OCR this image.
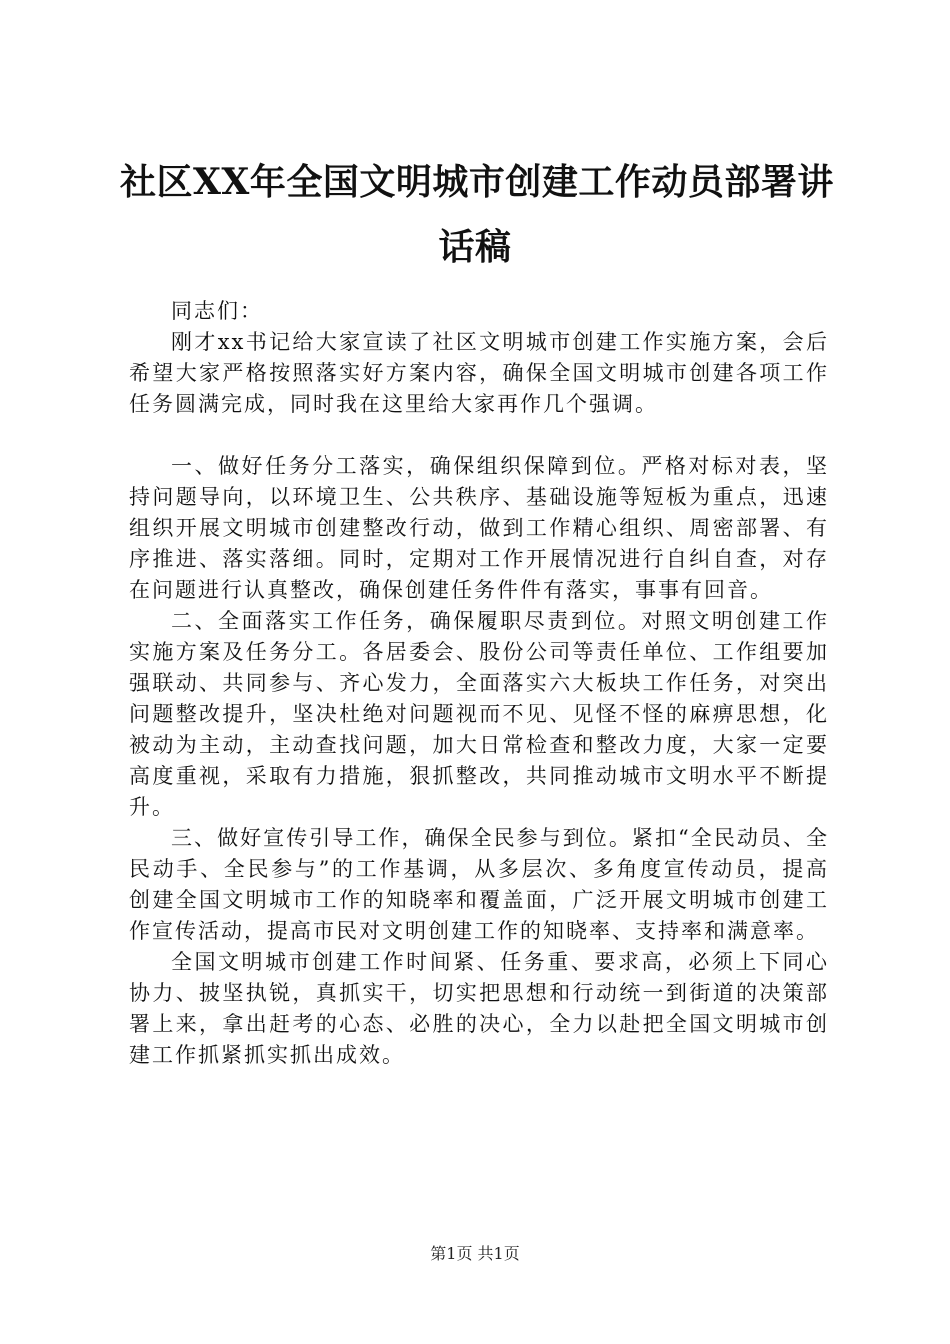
社区XX年全国文明城市创建工作动员部署讲
话稿

同志们：

刚才xx书记给大家宣读了社区文明城市创建工作实施方案，会后希望大家严格按照落实好方案内容，确保全国文明城市创建各项工作任务圆满完成，同时我在这里给大家再作几个强调。

一、做好任务分工落实，确保组织保障到位。严格对标对表，坚持问题导向，以环境卫生、公共秩序、基础设施等短板为重点，迅速组织开展文明城市创建整改行动，做到工作精心组织、周密部署、有序推进、落实落细。同时，定期对工作开展情况进行自纠自查，对存在问题进行认真整改，确保创建任务件件有落实，事事有回音。

二、全面落实工作任务，确保履职尽责到位。对照文明创建工作实施方案及任务分工。各居委会、股份公司等责任单位、工作组要加强联动、共同参与、齐心发力，全面落实六大板块工作任务，对突出问题整改提升，坚决杜绝对问题视而不见、见怪不怪的麻痹思想，化被动为主动，主动查找问题，加大日常检查和整改力度，大家一定要高度重视，采取有力措施，狠抓整改，共同推动城市文明水平不断提升。

三、做好宣传引导工作，确保全民参与到位。紧扣“全民动员、全民动手、全民参与”的工作基调，从多层次、多角度宣传动员，提高创建全国文明城市工作的知晓率和覆盖面，广泛开展文明城市创建工作宣传活动，提高市民对文明创建工作的知晓率、支持率和满意率。

全国文明城市创建工作时间紧、任务重、要求高，必须上下同心协力、披坚执锐，真抓实干，切实把思想和行动统一到街道的决策部署上来，拿出赶考的心态、必胜的决心，全力以赴把全国文明城市创建工作抓紧抓实抓出成效。

第1页 共1页
